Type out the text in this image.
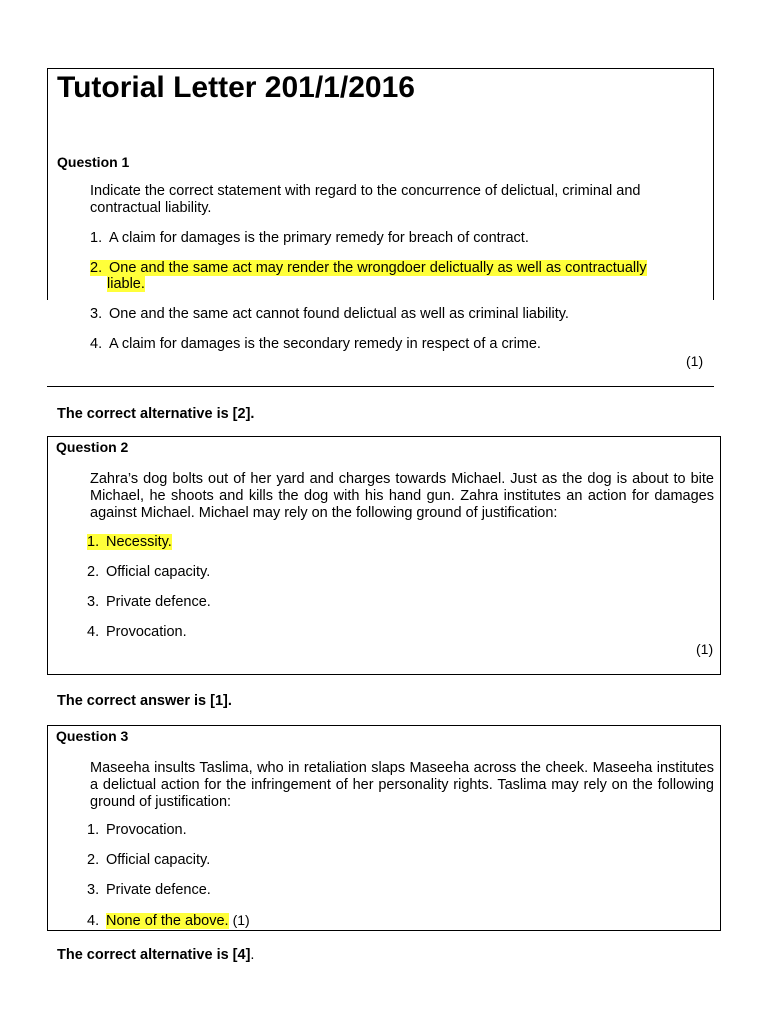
Tutorial Letter 201/1/2016
Question 1
Indicate the correct statement with regard to the concurrence of delictual, criminal and contractual liability.
1. A claim for damages is the primary remedy for breach of contract.
2. One and the same act may render the wrongdoer delictually as well as contractually
liable.
3. One and the same act cannot found delictual as well as criminal liability.
4. A claim for damages is the secondary remedy in respect of a crime.
(1)
The correct alternative is [2].
Question 2
Zahra’s dog bolts out of her yard and charges towards Michael. Just as the dog is about to bite Michael, he shoots and kills the dog with his hand gun. Zahra institutes an action for damages against Michael. Michael may rely on the following ground of justification:
1. Necessity.
2. Official capacity.
3. Private defence.
4. Provocation.
(1)
The correct answer is [1].
Question 3
Maseeha insults Taslima, who in retaliation slaps Maseeha across the cheek. Maseeha institutes a delictual action for the infringement of her personality rights. Taslima may rely on the following ground of justification:
1. Provocation.
2. Official capacity.
3. Private defence.
4. None of the above. (1)
The correct alternative is [4].
